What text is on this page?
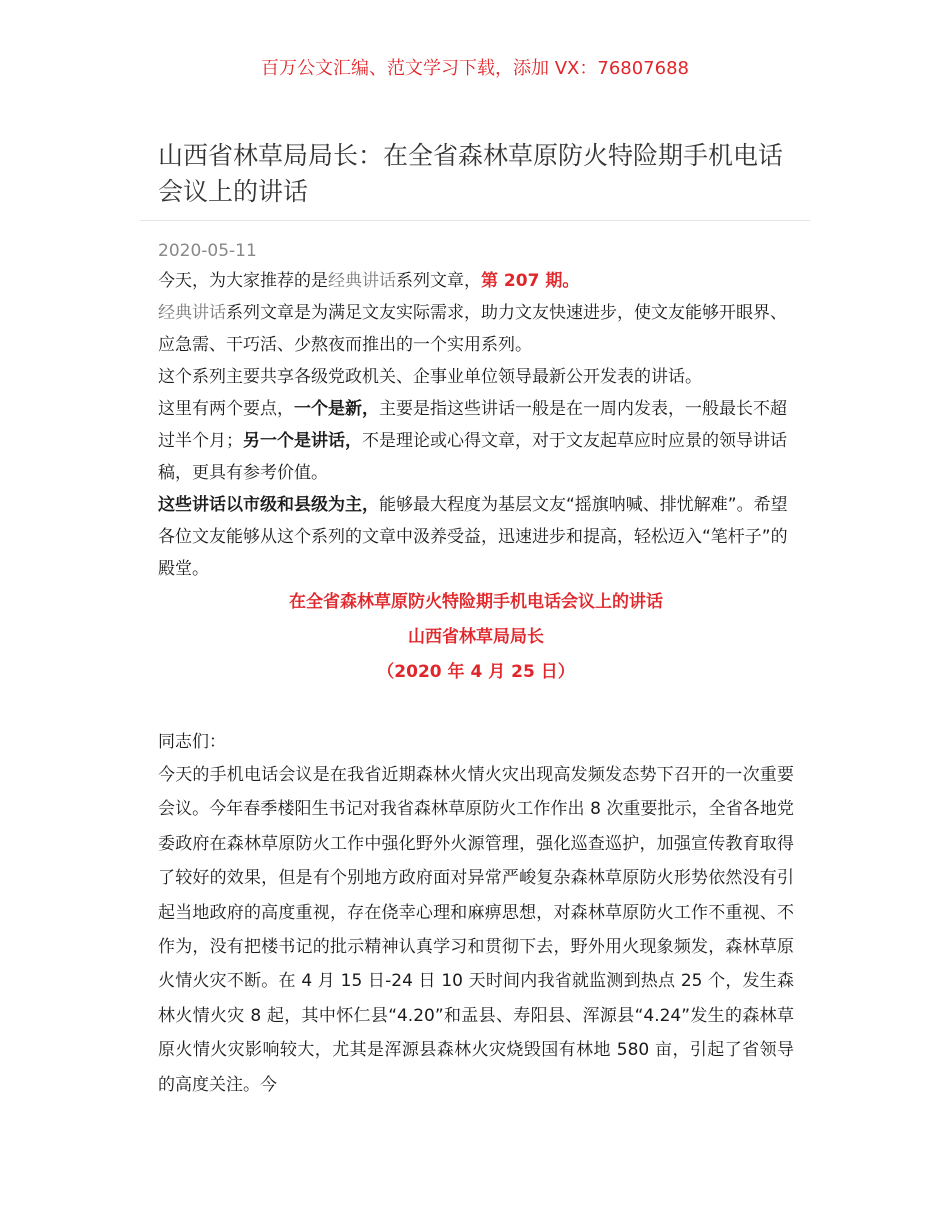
百万公文汇编、范文学习下载，添加 VX：76807688
山西省林草局局长：在全省森林草原防火特险期手机电话会议上的讲话
2020-05-11

今天，为大家推荐的是经典讲话系列文章，第 207 期。

经典讲话系列文章是为满足文友实际需求，助力文友快速进步，使文友能够开眼界、应急需、干巧活、少熬夜而推出的一个实用系列。

这个系列主要共享各级党政机关、企事业单位领导最新公开发表的讲话。

这里有两个要点，一个是新，主要是指这些讲话一般是在一周内发表，一般最长不超过半个月；另一个是讲话，不是理论或心得文章，对于文友起草应时应景的领导讲话稿，更具有参考价值。

这些讲话以市级和县级为主，能够最大程度为基层文友“摇旗呐喊、排忧解难”。希望各位文友能够从这个系列的文章中汲养受益，迅速进步和提高，轻松迈入“笔杆子”的殿堂。

在全省森林草原防火特险期手机电话会议上的讲话

山西省林草局局长

（2020 年 4 月 25 日）

同志们：

今天的手机电话会议是在我省近期森林火情火灾出现高发频发态势下召开的一次重要会议。今年春季楼阳生书记对我省森林草原防火工作作出 8 次重要批示，全省各地党委政府在森林草原防火工作中强化野外火源管理，强化巡查巡护，加强宣传教育取得了较好的效果，但是有个别地方政府面对异常严峻复杂森林草原防火形势依然没有引起当地政府的高度重视，存在侥幸心理和麻痹思想，对森林草原防火工作不重视、不作为，没有把楼书记的批示精神认真学习和贯彻下去，野外用火现象频发，森林草原火情火灾不断。在 4 月 15 日-24 日 10 天时间内我省就监测到热点 25 个，发生森林火情火灾 8 起，其中怀仁县“4.20”和盂县、寿阳县、浑源县“4.24”发生的森林草原火情火灾影响较大，尤其是浑源县森林火灾烧毁国有林地 580 亩，引起了省领导的高度关注。今
